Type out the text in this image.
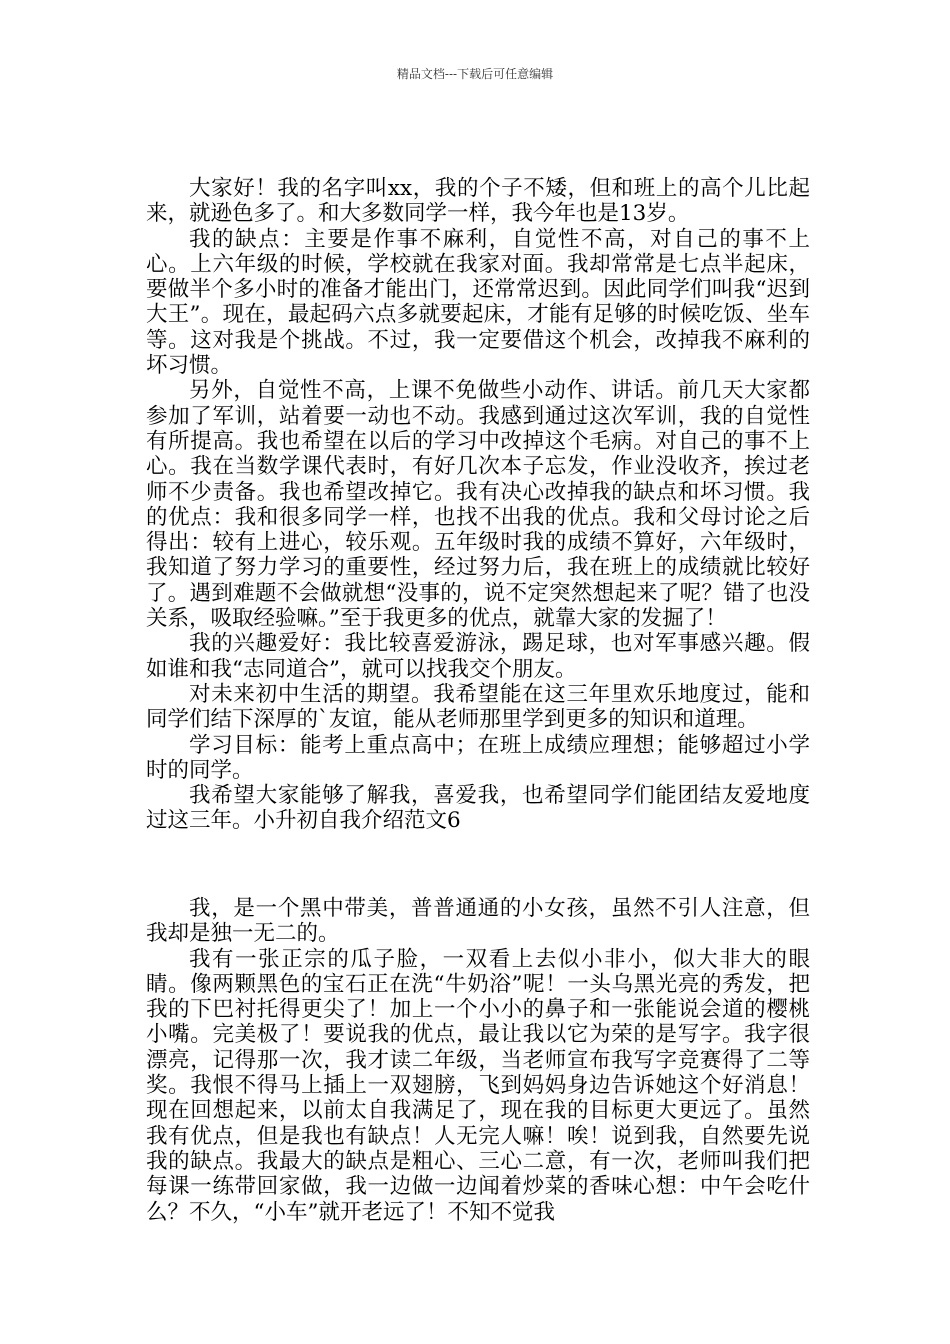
精品文档---下载后可任意编辑

大家好！我的名字叫xx，我的个子不矮，但和班上的高个儿比起来，就逊色多了。和大多数同学一样，我今年也是13岁。

我的缺点：主要是作事不麻利，自觉性不高，对自己的事不上心。上六年级的时候，学校就在我家对面。我却常常是七点半起床，要做半个多小时的准备才能出门，还常常迟到。因此同学们叫我“迟到大王”。现在，最起码六点多就要起床，才能有足够的时候吃饭、坐车等。这对我是个挑战。不过，我一定要借这个机会，改掉我不麻利的坏习惯。

另外，自觉性不高，上课不免做些小动作、讲话。前几天大家都参加了军训，站着要一动也不动。我感到通过这次军训，我的自觉性有所提高。我也希望在以后的学习中改掉这个毛病。对自己的事不上心。我在当数学课代表时，有好几次本子忘发，作业没收齐，挨过老师不少责备。我也希望改掉它。我有决心改掉我的缺点和坏习惯。我的优点：我和很多同学一样，也找不出我的优点。我和父母讨论之后得出：较有上进心，较乐观。五年级时我的成绩不算好，六年级时，我知道了努力学习的重要性，经过努力后，我在班上的成绩就比较好了。遇到难题不会做就想“没事的，说不定突然想起来了呢？错了也没关系，吸取经验嘛。”至于我更多的优点，就靠大家的发掘了！

我的兴趣爱好：我比较喜爱游泳，踢足球，也对军事感兴趣。假如谁和我“志同道合”，就可以找我交个朋友。

对未来初中生活的期望。我希望能在这三年里欢乐地度过，能和同学们结下深厚的`友谊，能从老师那里学到更多的知识和道理。

学习目标：能考上重点高中；在班上成绩应理想；能够超过小学时的同学。

我希望大家能够了解我，喜爱我，也希望同学们能团结友爱地度过这三年。小升初自我介绍范文6

我，是一个黑中带美，普普通通的小女孩，虽然不引人注意，但我却是独一无二的。

我有一张正宗的瓜子脸，一双看上去似小非小，似大非大的眼睛。像两颗黑色的宝石正在洗“牛奶浴”呢！一头乌黑光亮的秀发，把我的下巴衬托得更尖了！加上一个小小的鼻子和一张能说会道的樱桃小嘴。完美极了！要说我的优点，最让我以它为荣的是写字。我字很漂亮，记得那一次，我才读二年级，当老师宣布我写字竞赛得了二等奖。我恨不得马上插上一双翅膀，飞到妈妈身边告诉她这个好消息！现在回想起来，以前太自我满足了，现在我的目标更大更远了。虽然我有优点，但是我也有缺点！人无完人嘛！唉！说到我，自然要先说我的缺点。我最大的缺点是粗心、三心二意，有一次，老师叫我们把每课一练带回家做，我一边做一边闻着炒菜的香味心想：中午会吃什么？不久，“小车”就开老远了！不知不觉我
